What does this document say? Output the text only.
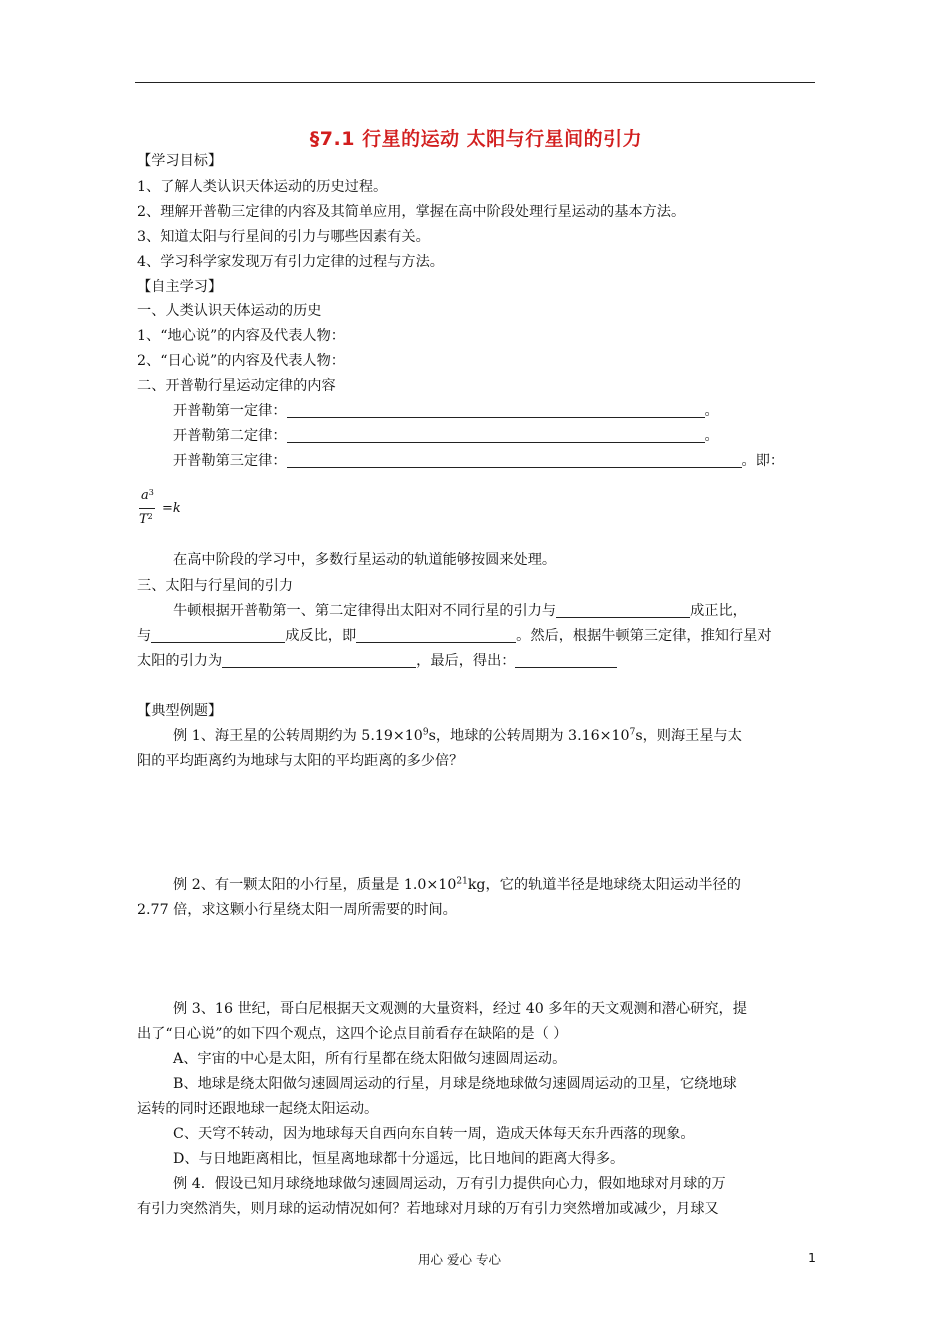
§7.1 行星的运动 太阳与行星间的引力
【学习目标】
1、了解人类认识天体运动的历史过程。
2、理解开普勒三定律的内容及其简单应用，掌握在高中阶段处理行星运动的基本方法。
3、知道太阳与行星间的引力与哪些因素有关。
4、学习科学家发现万有引力定律的过程与方法。
【自主学习】
一、人类认识天体运动的历史
1、“地心说”的内容及代表人物：
2、“日心说”的内容及代表人物：
二、开普勒行星运动定律的内容
开普勒第一定律：	。
开普勒第二定律：	。
开普勒第三定律：	。即：
$a^3$
$T^2$
=k
在高中阶段的学习中，多数行星运动的轨道能够按圆来处理。
三、太阳与行星间的引力
牛顿根据开普勒第一、第二定律得出太阳对不同行星的引力与	成正比，
与	成反比，即	。然后，根据牛顿第三定律，推知行星对
太阳的引力为	，最后，得出：
【典型例题】
例 1、海王星的公转周期约为 $5.19\times 10^9s$，地球的公转周期为 $3.16\times 10^7s$，则海王星与太
阳的平均距离约为地球与太阳的平均距离的多少倍？
例 2、有一颗太阳的小行星，质量是 $1.0\times 10^{21}kg$，它的轨道半径是地球绕太阳运动半径的
2.77 倍，求这颗小行星绕太阳一周所需要的时间。
例 3、16 世纪，哥白尼根据天文观测的大量资料，经过 40 多年的天文观测和潜心研究，提
出了“日心说”的如下四个观点，这四个论点目前看存在缺陷的是（ ）
A、宇宙的中心是太阳，所有行星都在绕太阳做匀速圆周运动。
B、地球是绕太阳做匀速圆周运动的行星，月球是绕地球做匀速圆周运动的卫星，它绕地球
运转的同时还跟地球一起绕太阳运动。
C、天穹不转动，因为地球每天自西向东自转一周，造成天体每天东升西落的现象。
D、与日地距离相比，恒星离地球都十分遥远，比日地间的距离大得多。
例 4．假设已知月球绕地球做匀速圆周运动，万有引力提供向心力，假如地球对月球的万
有引力突然消失，则月球的运动情况如何？若地球对月球的万有引力突然增加或减少，月球又
用心 爱心 专心	1
